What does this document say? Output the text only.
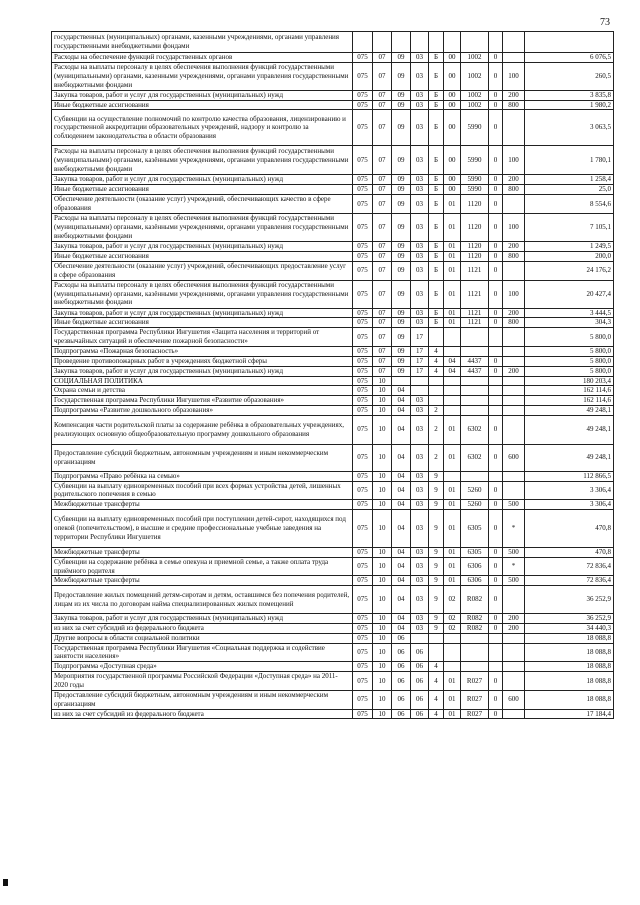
73
государственных (муниципальных) органами, казенными учреждениями, органами управления государственными внебюджетными фондами										
Расходы на обеспечение функций государственных органов	075	07	09	03	Б	00	1002	0		6 076,5
Расходы на выплаты персоналу в целях обеспечения выполнения функций государственными (муниципальными) органами, казенными учреждениями, органами управления государственными внебюджетными фондами	075	07	09	03	Б	00	1002	0	100	260,5
Закупка товаров, работ и услуг для государственных (муниципальных) нужд	075	07	09	03	Б	00	1002	0	200	3 835,8
Иные бюджетные ассигнования	075	07	09	03	Б	00	1002	0	800	1 980,2
Субвенции на осуществление полномочий по контролю качества образования, лицензированию и государственной аккредитации образовательных учреждений, надзору и контролю за соблюдением законодательства в области образования	075	07	09	03	Б	00	5990	0		3 063,5
Расходы на выплаты персоналу в целях обеспечения выполнения функций государственными (муниципальными) органами, казёнными учреждениями, органами управления государственными внебюджетными фондами	075	07	09	03	Б	00	5990	0	100	1 780,1
Закупка товаров, работ и услуг для государственных (муниципальных) нужд	075	07	09	03	Б	00	5990	0	200	1 258,4
Иные бюджетные ассигнования	075	07	09	03	Б	00	5990	0	800	25,0
Обеспечение деятельности (оказание услуг) учреждений, обеспечивающих качество в сфере образования	075	07	09	03	Б	01	1120	0		8 554,6
Расходы на выплаты персоналу в целях обеспечения выполнения функций государственными (муниципальными) органами, казёнными учреждениями, органами управления государственными внебюджетными фондами	075	07	09	03	Б	01	1120	0	100	7 105,1
Закупка товаров, работ и услуг для государственных (муниципальных) нужд	075	07	09	03	Б	01	1120	0	200	1 249,5
Иные бюджетные ассигнования	075	07	09	03	Б	01	1120	0	800	200,0
Обеспечение деятельности (оказание услуг) учреждений, обеспечивающих предоставление услуг в сфере образования	075	07	09	03	Б	01	1121	0		24 176,2
Расходы на выплаты персоналу в целях обеспечения выполнения функций государственными (муниципальными) органами, казёнными учреждениями, органами управления государственными внебюджетными фондами	075	07	09	03	Б	01	1121	0	100	20 427,4
Закупка товаров, работ и услуг для государственных (муниципальных) нужд	075	07	09	03	Б	01	1121	0	200	3 444,5
Иные бюджетные ассигнования	075	07	09	03	Б	01	1121	0	800	304,3
Государственная программа Республики Ингушетия «Защита населения и территорий от чрезвычайных ситуаций и обеспечение пожарной безопасности»	075	07	09	17						5 800,0
Подпрограмма «Пожарная безопасность»	075	07	09	17	4					5 800,0
Проведение противопожарных работ в учреждениях бюджетной сферы	075	07	09	17	4	04	4437	0		5 800,0
Закупка товаров, работ и услуг для государственных (муниципальных) нужд	075	07	09	17	4	04	4437	0	200	5 800,0
СОЦИАЛЬНАЯ ПОЛИТИКА	075	10								180 203,4
Охрана семьи и детства	075	10	04							162 114,6
Государственная программа Республики Ингушетия «Развитие образования»	075	10	04	03						162 114,6
Подпрограмма «Развитие дошкольного образования»	075	10	04	03	2					49 248,1
Компенсация части родительской платы за содержание ребёнка в образовательных учреждениях, реализующих основную общеобразовательную программу дошкольного образования	075	10	04	03	2	01	6302	0		49 248,1
Предоставление субсидий бюджетным, автономным учреждениям и иным некоммерческим организациям	075	10	04	03	2	01	6302	0	600	49 248,1
Подпрограмма «Право ребёнка на семью»	075	10	04	03	9					112 866,5
Субвенции на выплату единовременных пособий при всех формах устройства детей, лишенных родительского попечения в семью	075	10	04	03	9	01	5260	0		3 306,4
Межбюджетные трансферты	075	10	04	03	9	01	5260	0	500	3 306,4
Субвенции на выплату единовременных пособий при поступлении детей-сирот, находящихся под опекой (попечительством), в высшие и средние профессиональные учебные заведения на территории Республики Ингушетия	075	10	04	03	9	01	6305	0	*	470,8
Межбюджетные трансферты	075	10	04	03	9	01	6305	0	500	470,8
Субвенции на содержание ребёнка в семье опекуна и приемной семье, а также оплата труда приёмного родителя	075	10	04	03	9	01	6306	0	*	72 836,4
Межбюджетные трансферты	075	10	04	03	9	01	6306	0	500	72 836,4
Предоставление жилых помещений детям-сиротам и детям, оставшимся без попечения родителей, лицам из их числа по договорам найма специализированных жилых помещений	075	10	04	03	9	02	R082	0		36 252,9
Закупка товаров, работ и услуг для государственных (муниципальных) нужд	075	10	04	03	9	02	R082	0	200	36 252,9
из них за счет субсидий из федерального бюджета	075	10	04	03	9	02	R082	0	200	34 440,3
Другие вопросы в области социальной политики	075	10	06							18 088,8
Государственная программа Республики Ингушетия «Социальная поддержка и содействие занятости населения»	075	10	06	06						18 088,8
Подпрограмма «Доступная среда»	075	10	06	06	4					18 088,8
Мероприятия государственной программы Российской Федерации «Доступная среда» на 2011-2020 годы	075	10	06	06	4	01	R027	0		18 088,8
Предоставление субсидий бюджетным, автономным учреждениям и иным некоммерческим организациям	075	10	06	06	4	01	R027	0	600	18 088,8
из них за счет субсидий из федерального бюджета	075	10	06	06	4	01	R027	0		17 184,4
